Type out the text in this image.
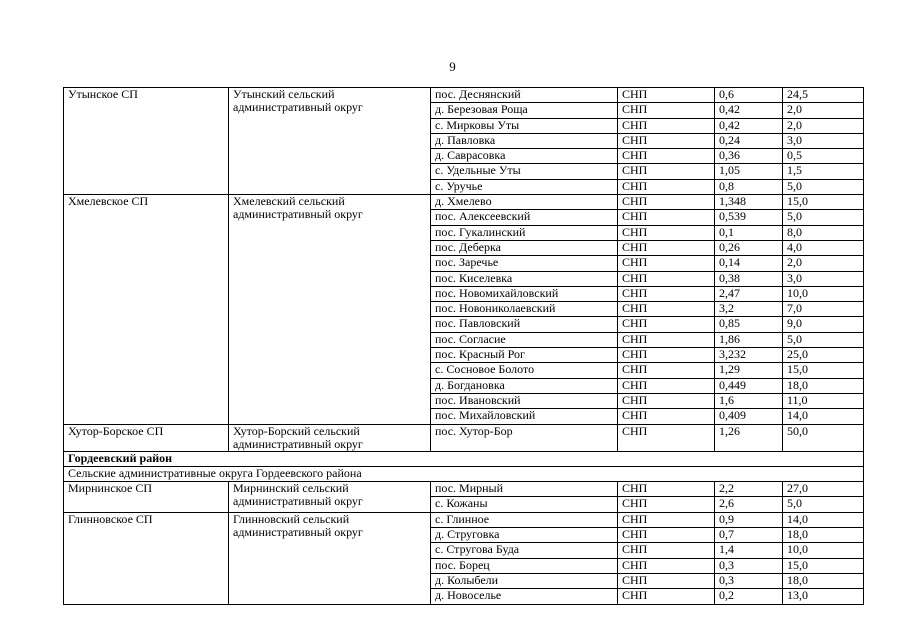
9
Утынское СП	Утынский сельский административный округ	пос. Деснянский	СНП	0,6	24,5
		д. Березовая Роща	СНП	0,42	2,0
		с. Мирковы Уты	СНП	0,42	2,0
		д. Павловка	СНП	0,24	3,0
		д. Саврасовка	СНП	0,36	0,5
		с. Удельные Уты	СНП	1,05	1,5
		с. Уручье	СНП	0,8	5,0
Хмелевское СП	Хмелевский сельский административный округ	д. Хмелево	СНП	1,348	15,0
		пос. Алексеевский	СНП	0,539	5,0
		пос. Гукалинский	СНП	0,1	8,0
		пос. Деберка	СНП	0,26	4,0
		пос. Заречье	СНП	0,14	2,0
		пос. Киселевка	СНП	0,38	3,0
		пос. Новомихайловский	СНП	2,47	10,0
		пос. Новониколаевский	СНП	3,2	7,0
		пос. Павловский	СНП	0,85	9,0
		пос. Согласие	СНП	1,86	5,0
		пос. Красный Рог	СНП	3,232	25,0
		с. Сосновое Болото	СНП	1,29	15,0
		д. Богдановка	СНП	0,449	18,0
		пос. Ивановский	СНП	1,6	11,0
		пос. Михайловский	СНП	0,409	14,0
Хутор-Борское СП	Хутор-Борский сельский административный округ	пос. Хутор-Бор	СНП	1,26	50,0
Гордеевский район					
Сельские административные округа Гордеевского района					
Мирнинское СП	Мирнинский сельский административный округ	пос. Мирный	СНП	2,2	27,0
		с. Кожаны	СНП	2,6	5,0
Глинновское СП	Глинновский сельский административный округ	с. Глинное	СНП	0,9	14,0
		д. Струговка	СНП	0,7	18,0
		с. Стругова Буда	СНП	1,4	10,0
		пос. Борец	СНП	0,3	15,0
		д. Колыбели	СНП	0,3	18,0
		д. Новоселье	СНП	0,2	13,0
